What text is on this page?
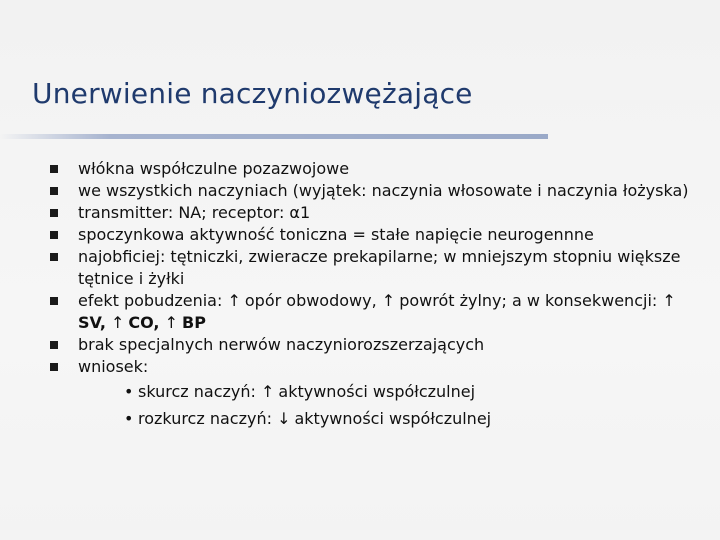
Unerwienie naczyniozwężające
włókna współczulne pozazwojowe
we wszystkich naczyniach (wyjątek: naczynia włosowate i naczynia łożyska)
transmitter: NA; receptor: α1
spoczynkowa aktywność toniczna = stałe napięcie neurogennne
najobficiej: tętniczki, zwieracze prekapilarne; w mniejszym stopniu większe tętnice i żyłki
efekt pobudzenia: ↑ opór obwodowy, ↑ powrót żylny; a w konsekwencji: ↑SV, ↑ CO, ↑ BP
brak specjalnych nerwów naczyniorozszerzających
wniosek:
• skurcz naczyń: ↑ aktywności współczulnej
• rozkurcz naczyń: ↓ aktywności współczulnej
